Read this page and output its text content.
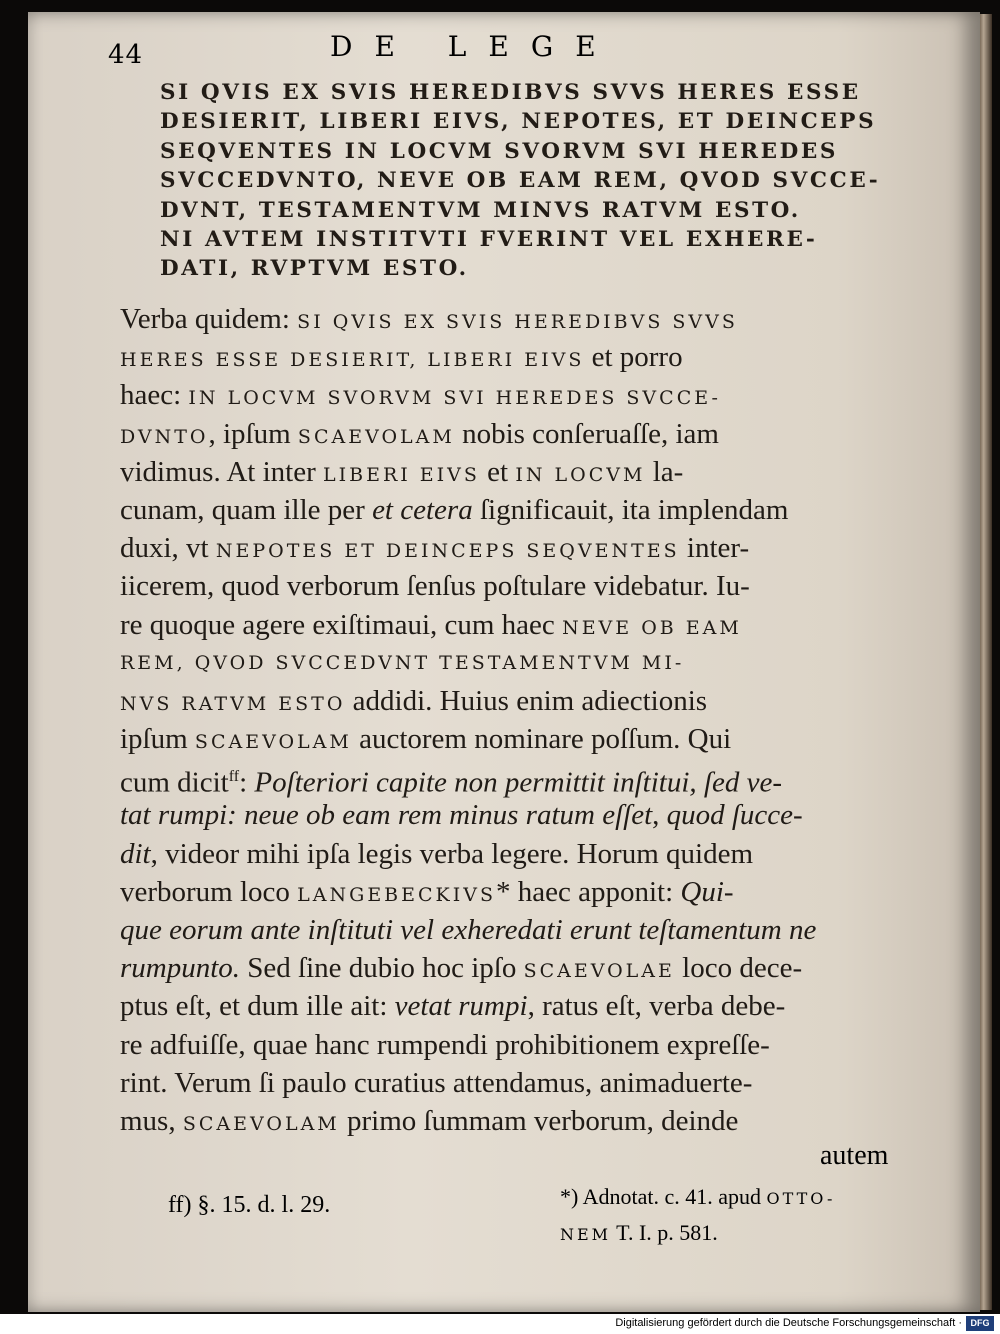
44	DE LEGE
SI QVIS EX SVIS HEREDIBVS SVVS HERES ESSE
DESIERIT, LIBERI EIVS, NEPOTES, ET DEINCEPS
SEQVENTES IN LOCVM SVORVM SVI HEREDES
SVCCEDVNTO, NEVE OB EAM REM, QVOD SVCCE-
DVNT, TESTAMENTVM MINVS RATVM ESTO.
NI AVTEM INSTITVTI FVERINT VEL EXHERE-
DATI, RVPTVM ESTO.
Verba quidem: SI QVIS EX SVIS HEREDIBVS SVVS
HERES ESSE DESIERIT, LIBERI EIVS et porro
haec: IN LOCVM SVORVM SVI HEREDES SVCCE-
DVNTO, ipſum SCAEVOLAM nobis conſeruaſſe, iam
vidimus. At inter LIBERI EIVS et IN LOCVM la-
cunam, quam ille per et cetera ſignificauit, ita implendam
duxi, vt NEPOTES ET DEINCEPS SEQVENTES inter-
iicerem, quod verborum ſenſus poſtulare videbatur. Iu-
re quoque agere exiſtimaui, cum haec NEVE OB EAM
REM, QVOD SVCCEDVNT TESTAMENTVM MI-
NVS RATVM ESTO addidi. Huius enim adiectionis
ipſum SCAEVOLAM auctorem nominare poſſum. Qui
cum dicit$^{ff}$: Poſteriori capite non permittit inſtitui, ſed ve-
tat rumpi: neue ob eam rem minus ratum eſſet, quod ſucce-
dit, videor mihi ipſa legis verba legere. Horum quidem
verborum loco LANGEBECKIVS* haec apponit: Qui-
que eorum ante inſtituti vel exheredati erunt teſtamentum ne
rumpunto. Sed ſine dubio hoc ipſo SCAEVOLAE loco dece-
ptus eſt, et dum ille ait: vetat rumpi, ratus eſt, verba debe-
re adfuiſſe, quae hanc rumpendi prohibitionem expreſſe-
rint. Verum ſi paulo curatius attendamus, animaduerte-
mus, SCAEVOLAM primo ſummam verborum, deinde
autem
ff) §. 15. d. l. 29.	*) Adnotat. c. 41. apud OTTO-
NEM T. I. p. 581.
Digitalisierung gefördert durch die Deutsche Forschungsgemeinschaft · DFG
